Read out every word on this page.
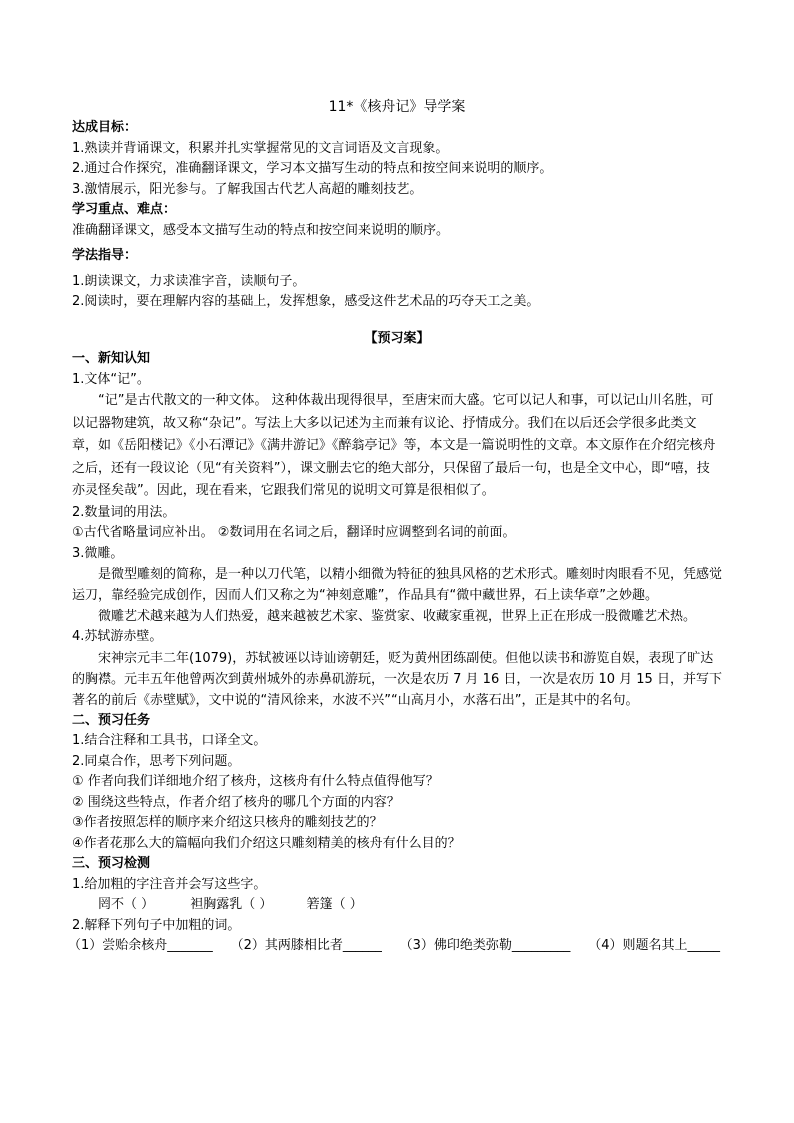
11*《核舟记》导学案
达成目标：
1.熟读并背诵课文，积累并扎实掌握常见的文言词语及文言现象。
2.通过合作探究，准确翻译课文，学习本文描写生动的特点和按空间来说明的顺序。
3.激情展示，阳光参与。了解我国古代艺人高超的雕刻技艺。
学习重点、难点：
准确翻译课文，感受本文描写生动的特点和按空间来说明的顺序。
学法指导：
1.朗读课文，力求读准字音，读顺句子。
2.阅读时，要在理解内容的基础上，发挥想象，感受这件艺术品的巧夺天工之美。
【预习案】
一、新知认知
1.文体“记”。
“记”是古代散文的一种文体。 这种体裁出现得很早，至唐宋而大盛。它可以记人和事，可以记山川名胜，可以记器物建筑，故又称“杂记”。写法上大多以记述为主而兼有议论、抒情成分。我们在以后还会学很多此类文章，如《岳阳楼记》《小石潭记》《满井游记》《醉翁亭记》等，本文是一篇说明性的文章。本文原作在介绍完核舟之后，还有一段议论（见“有关资料”），课文删去它的绝大部分，只保留了最后一句，也是全文中心，即“嘻，技亦灵怪矣哉”。因此，现在看来，它跟我们常见的说明文可算是很相似了。
2.数量词的用法。
①古代省略量词应补出。 ②数词用在名词之后，翻译时应调整到名词的前面。
3.微雕。
是微型雕刻的简称，是一种以刀代笔，以精小细微为特征的独具风格的艺术形式。雕刻时肉眼看不见，凭感觉运刀，靠经验完成创作，因而人们又称之为“神刻意雕”，作品具有“微中藏世界，石上读华章”之妙趣。
微雕艺术越来越为人们热爱，越来越被艺术家、鉴赏家、收藏家重视，世界上正在形成一股微雕艺术热。
4.苏轼游赤壁。
宋神宗元丰二年(1079)，苏轼被诬以诗讪谤朝廷，贬为黄州团练副使。但他以读书和游览自娱，表现了旷达的胸襟。元丰五年他曾两次到黄州城外的赤鼻矶游玩，一次是农历 7 月 16 日，一次是农历 10 月 15 日，并写下著名的前后《赤壁赋》，文中说的“清风徐来，水波不兴”“山高月小，水落石出”，正是其中的名句。
二、预习任务
1.结合注释和工具书，口译全文。
2.同桌合作，思考下列问题。
① 作者向我们详细地介绍了核舟，这核舟有什么特点值得他写？
② 围绕这些特点，作者介绍了核舟的哪几个方面的内容？
③作者按照怎样的顺序来介绍这只核舟的雕刻技艺的？
④作者花那么大的篇幅向我们介绍这只雕刻精美的核舟有什么目的？
三、预习检测
1.给加粗的字注音并会写这些字。
罔不（ ）	袒胸露乳（ ）	箬篷（ ）
2.解释下列句子中加粗的词。
（1）尝贻余核舟_______ （2）其两膝相比者______ （3）佛印绝类弥勒_________ （4）则题名其上_____
